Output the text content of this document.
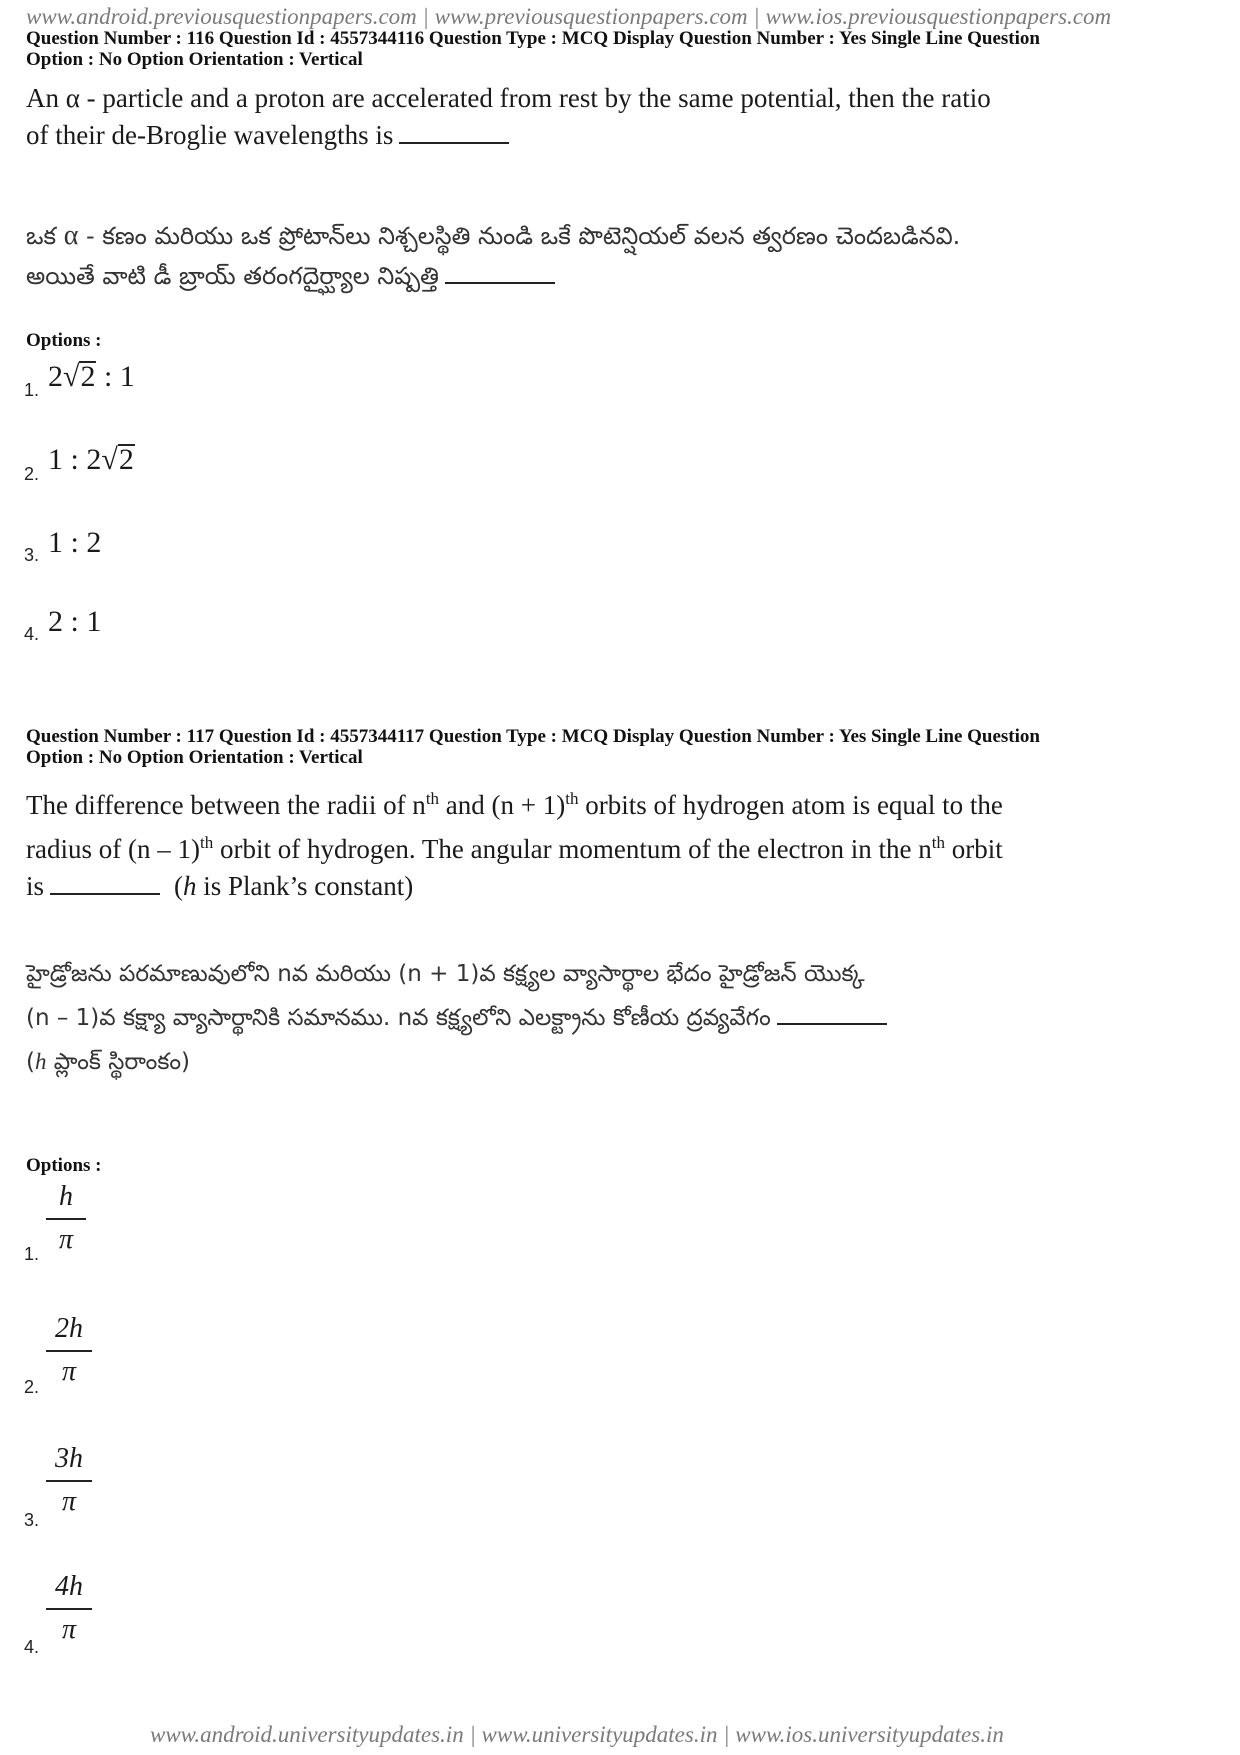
www.android.previousquestionpapers.com | www.previousquestionpapers.com | www.ios.previousquestionpapers.com
Question Number : 116 Question Id : 4557344116 Question Type : MCQ Display Question Number : Yes Single Line Question
Option : No Option Orientation : Vertical
An α - particle and a proton are accelerated from rest by the same potential, then the ratio
of their de-Broglie wavelengths is
ఒక α - కణం మరియు ఒక ప్రోటాన్‌లు నిశ్చలస్థితి నుండి ఒకే పొటెన్షియల్ వలన త్వరణం చెందబడినవి.
అయితే వాటి డీ బ్రాయ్ తరంగదైర్ఘ్యాల నిష్పత్తి
Options :
1. 2√2 : 1
2. 1 : 2√2
3. 1 : 2
4. 2 : 1
Question Number : 117 Question Id : 4557344117 Question Type : MCQ Display Question Number : Yes Single Line Question
Option : No Option Orientation : Vertical
The difference between the radii of $n^{th}$ and $(n + 1)^{th}$ orbits of hydrogen atom is equal to the
radius of (n – 1)$^{th}$ orbit of hydrogen. The angular momentum of the electron in the $n^{th}$ orbit
is	(h is Plank’s constant)
హైడ్రోజను పరమాణువులోని nవ మరియు (n + 1)వ కక్ష్యల వ్యాసార్థాల భేదం హైడ్రోజన్ యొక్క
(n – 1)వ కక్ష్యా వ్యాసార్థానికి సమానము. nవ కక్ష్యలోని ఎలక్ట్రాను కోణీయ ద్రవ్యవేగం
(h ప్లాంక్ స్థిరాంకం)
Options :
1. $\frac{h}{\pi}$
2. $\frac{2h}{\pi}$
3.
$\frac{3h}{\pi}$
4.
$\frac{4h}{\pi}$
www.android.universityupdates.in | www.universityupdates.in | www.ios.universityupdates.in
